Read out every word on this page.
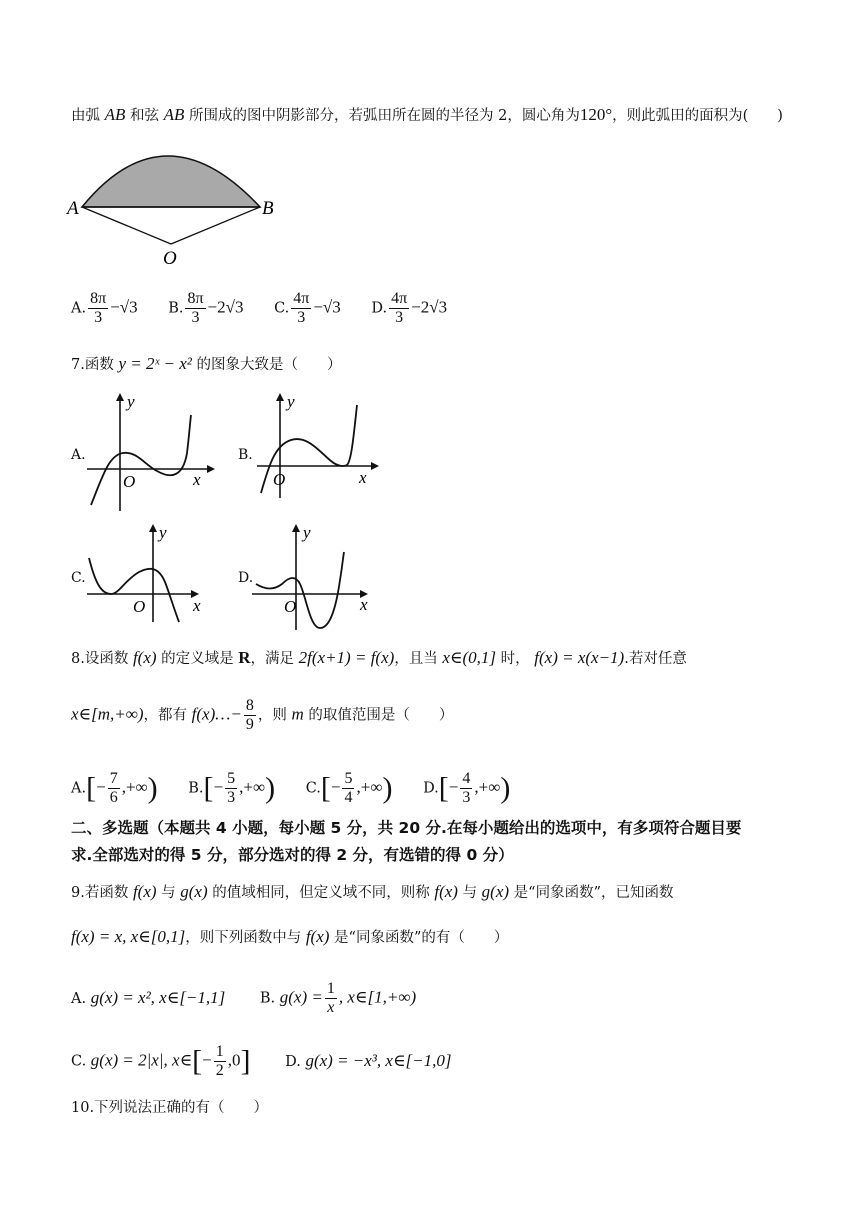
由弧 AB 和弦 AB 所围成的图中阴影部分，若弧田所在圆的半径为 2，圆心角为120°，则此弧田的面积为(　　)
A	B
O
A. $\frac{8\pi}{3} -√3$ B. $\frac{8\pi}{3} -2√3$ C. $\frac{4\pi}{3} -√3$ D. $\frac{4\pi}{3} -2√3$
7.函数 y = 2ˣ − x² 的图象大致是（　　）
A.
y
O	x
B.
y
O	x
C.
y
O	x
D.
y
O	x
8.设函数 f(x) 的定义域是 R，满足 2f(x+1) = f(x)，且当 x∈(0,1] 时， f(x) = x(x−1).若对任意
x∈[m,+∞)，都有 f(x)…− $\frac{8}{9}$ ，则 m 的取值范围是（　　）
$A.[- \frac{7}{6}$ ,+∞) $B.[- \frac{5}{3}$ ,+∞) $C.[- \frac{5}{4}$ ,+∞) $D.[- \frac{4}{3}$ ,+∞)
二、多选题（本题共 4 小题，每小题 5 分，共 20 分.在每小题给出的选项中，有多项符合题目要
求.全部选对的得 5 分，部分选对的得 2 分，有选错的得 0 分）
9.若函数 f(x) 与 g(x) 的值域相同，但定义域不同，则称 f(x) 与 g(x) 是“同象函数”，已知函数
f(x) = x, x∈[0,1]，则下列函数中与 f(x) 是“同象函数”的有（　　）
A. g(x) = x², x∈[−1,1] B. $g(x) = \frac{1}{x}$ , x∈[1,+∞)
C. g(x) = 2|x|, x∈[− $\frac{1}{2} ,0$] D. g(x) = −x³, x∈[−1,0]
10.下列说法正确的有（　　）
